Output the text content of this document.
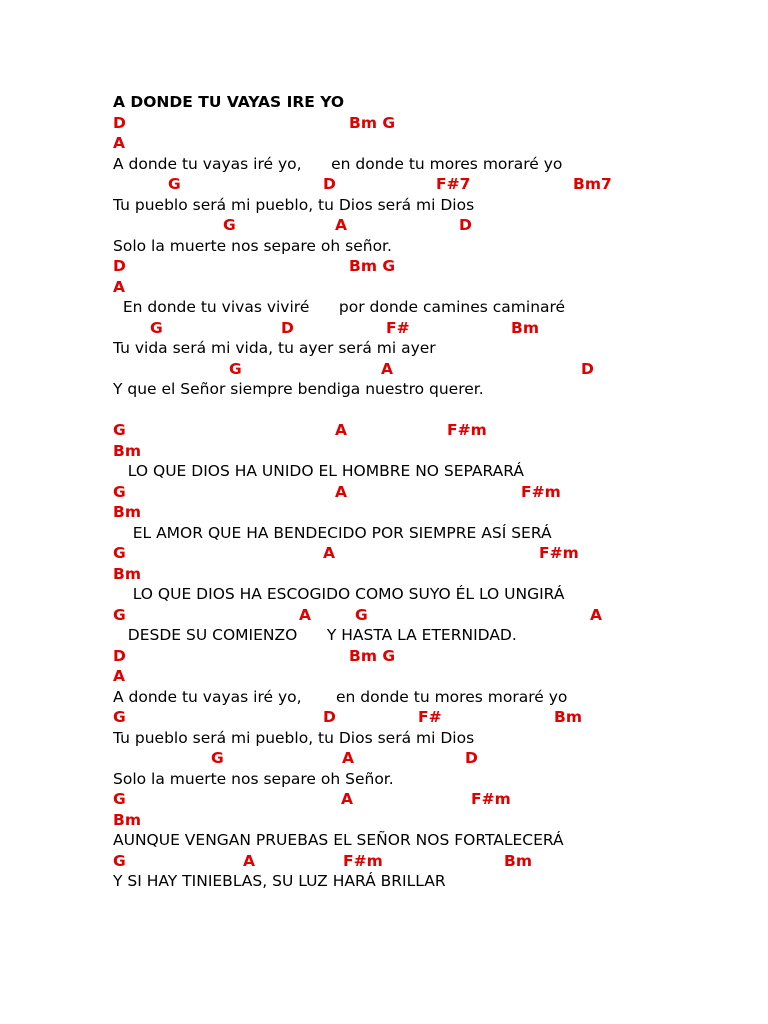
A DONDE TU VAYAS IRE YO
D	Bm G
A
A donde tu vayas iré yo,      en donde tu mores moraré yo
G	D	F#7	Bm7
Tu pueblo será mi pueblo, tu Dios será mi Dios
G	A	D
Solo la muerte nos separe oh señor.
D	Bm G
A
En donde tu vivas viviré      por donde camines caminaré
G	D	F#	Bm
Tu vida será mi vida, tu ayer será mi ayer
G	A	D
Y que el Señor siempre bendiga nuestro querer.
G	A	F#m
Bm
LO QUE DIOS HA UNIDO EL HOMBRE NO SEPARARÁ
G	A	F#m
Bm
EL AMOR QUE HA BENDECIDO POR SIEMPRE ASÍ SERÁ
G	A	F#m
Bm
LO QUE DIOS HA ESCOGIDO COMO SUYO ÉL LO UNGIRÁ
G	A	G	A
DESDE SU COMIENZO      Y HASTA LA ETERNIDAD.
D	Bm G
A
A donde tu vayas iré yo,       en donde tu mores moraré yo
G	D	F#	Bm
Tu pueblo será mi pueblo, tu Dios será mi Dios
G	A	D
Solo la muerte nos separe oh Señor.
G	A	F#m
Bm
AUNQUE VENGAN PRUEBAS EL SEÑOR NOS FORTALECERÁ
G	A	F#m	Bm
Y SI HAY TINIEBLAS, SU LUZ HARÁ BRILLAR
